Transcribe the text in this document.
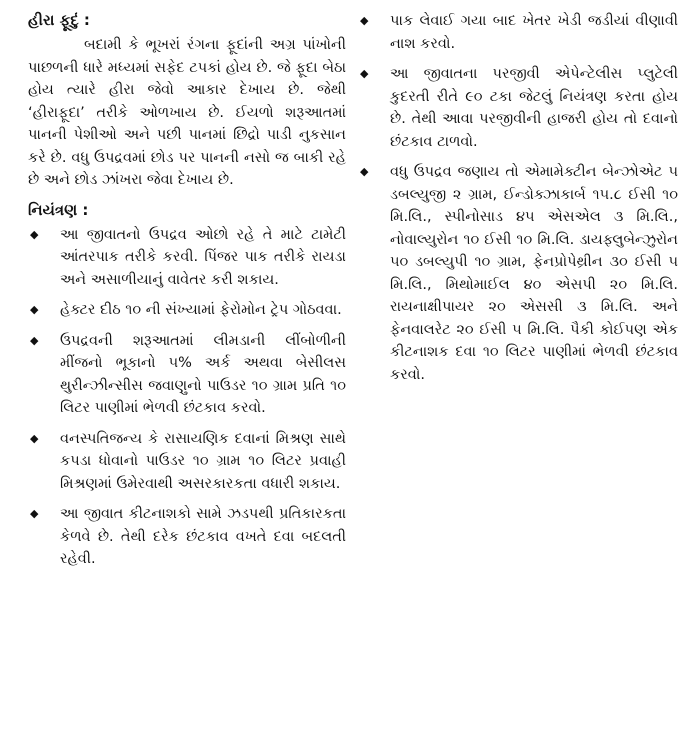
હીરા ફૂદું :

બદામી કે ભૂખરાં રંગના ફૂદાંની અગ્ર પાંખોની પાછળની ધારે મધ્યમાં સફેદ ટપકાં હોય છે. જે ફૂદા બેઠા હોય ત્યારે હીરા જેવો આકાર દેખાય છે. જેથી ‘હીરાફૂદા’ તરીકે ઓળખાય છે. ઈયળો શરૂઆતમાં પાનની પેશીઓ અને પછી પાનમાં છિદ્રો પાડી નુકસાન કરે છે. વધુ ઉપદ્રવમાં છોડ પર પાનની નસો જ બાકી રહે છે અને છોડ ઝાંખરા જેવા દેખાય છે.

નિયંત્રણ :
◆ આ જીવાતનો ઉપદ્રવ ઓછો રહે તે માટે ટામેટી આંતરપાક તરીકે કરવી. પિંજર પાક તરીકે રાયડા અને અસાળીયાનું વાવેતર કરી શકાય.
◆ હેક્ટર દીઠ ૧૦ ની સંખ્યામાં ફેરોમોન ટ્રેપ ગોઠવવા.
◆ ઉપદ્રવની શરૂઆતમાં લીમડાની લીંબોળીની મીંજનો ભૂકાનો ૫% અર્ક અથવા બેસીલસ થુરીન્ઝીન્સીસ જવાણુનો પાઉડર ૧૦ ગ્રામ પ્રતિ ૧૦ લિટર પાણીમાં ભેળવી છંટકાવ કરવો.
◆ વનસ્પતિજન્ય કે રાસાયણિક દવાનાં મિશ્રણ સાથે કપડા ધોવાનો પાઉડર ૧૦ ગ્રામ ૧૦ લિટર પ્રવાહી મિશ્રણમાં ઉમેરવાથી અસરકારકતા વધારી શકાય.
◆ આ જીવાત કીટનાશકો સામે ઝડપથી પ્રતિકારકતા કેળવે છે. તેથી દરેક છંટકાવ વખતે દવા બદલતી રહેવી.
◆ પાક લેવાઈ ગયા બાદ ખેતર ખેડી જડીયાં વીણાવી નાશ કરવો.
◆ આ જીવાતના પરજીવી એપેન્ટેલીસ પ્લુટેલી કુદરતી રીતે ૯૦ ટકા જેટલું નિયંત્રણ કરતા હોય છે. તેથી આવા પરજીવીની હાજરી હોય તો દવાનો છંટકાવ ટાળવો.
◆ વધુ ઉપદ્રવ જણાય તો એમામેક્ટીન બેન્ઝોએટ ૫ ડબલ્યુજી ૨ ગ્રામ, ઈન્ડોક્ઝાકાર્બ ૧૫.૮ ઈસી ૧૦ મિ.લિ., સ્પીનોસાડ ૪૫ એસએલ ૩ મિ.લિ., નોવાલ્યુરોન ૧૦ ઈસી ૧૦ મિ.લિ. ડાયફ્લુબેન્ઝુરોન ૫૦ ડબલ્યુપી ૧૦ ગ્રામ, ફેનપ્રોપેથ્રીન ૩૦ ઈસી ૫ મિ.લિ., મિથોમાઈલ ૪૦ એસપી ૨૦ મિ.લિ. રાયનાક્ષીપાયર ૨૦ એસસી ૩ મિ.લિ. અને ફેનવાલરેટ ૨૦ ઈસી ૫ મિ.લિ. પૈકી કોઈપણ એક કીટનાશક દવા ૧૦ લિટર પાણીમાં ભેળવી છંટકાવ કરવો.
